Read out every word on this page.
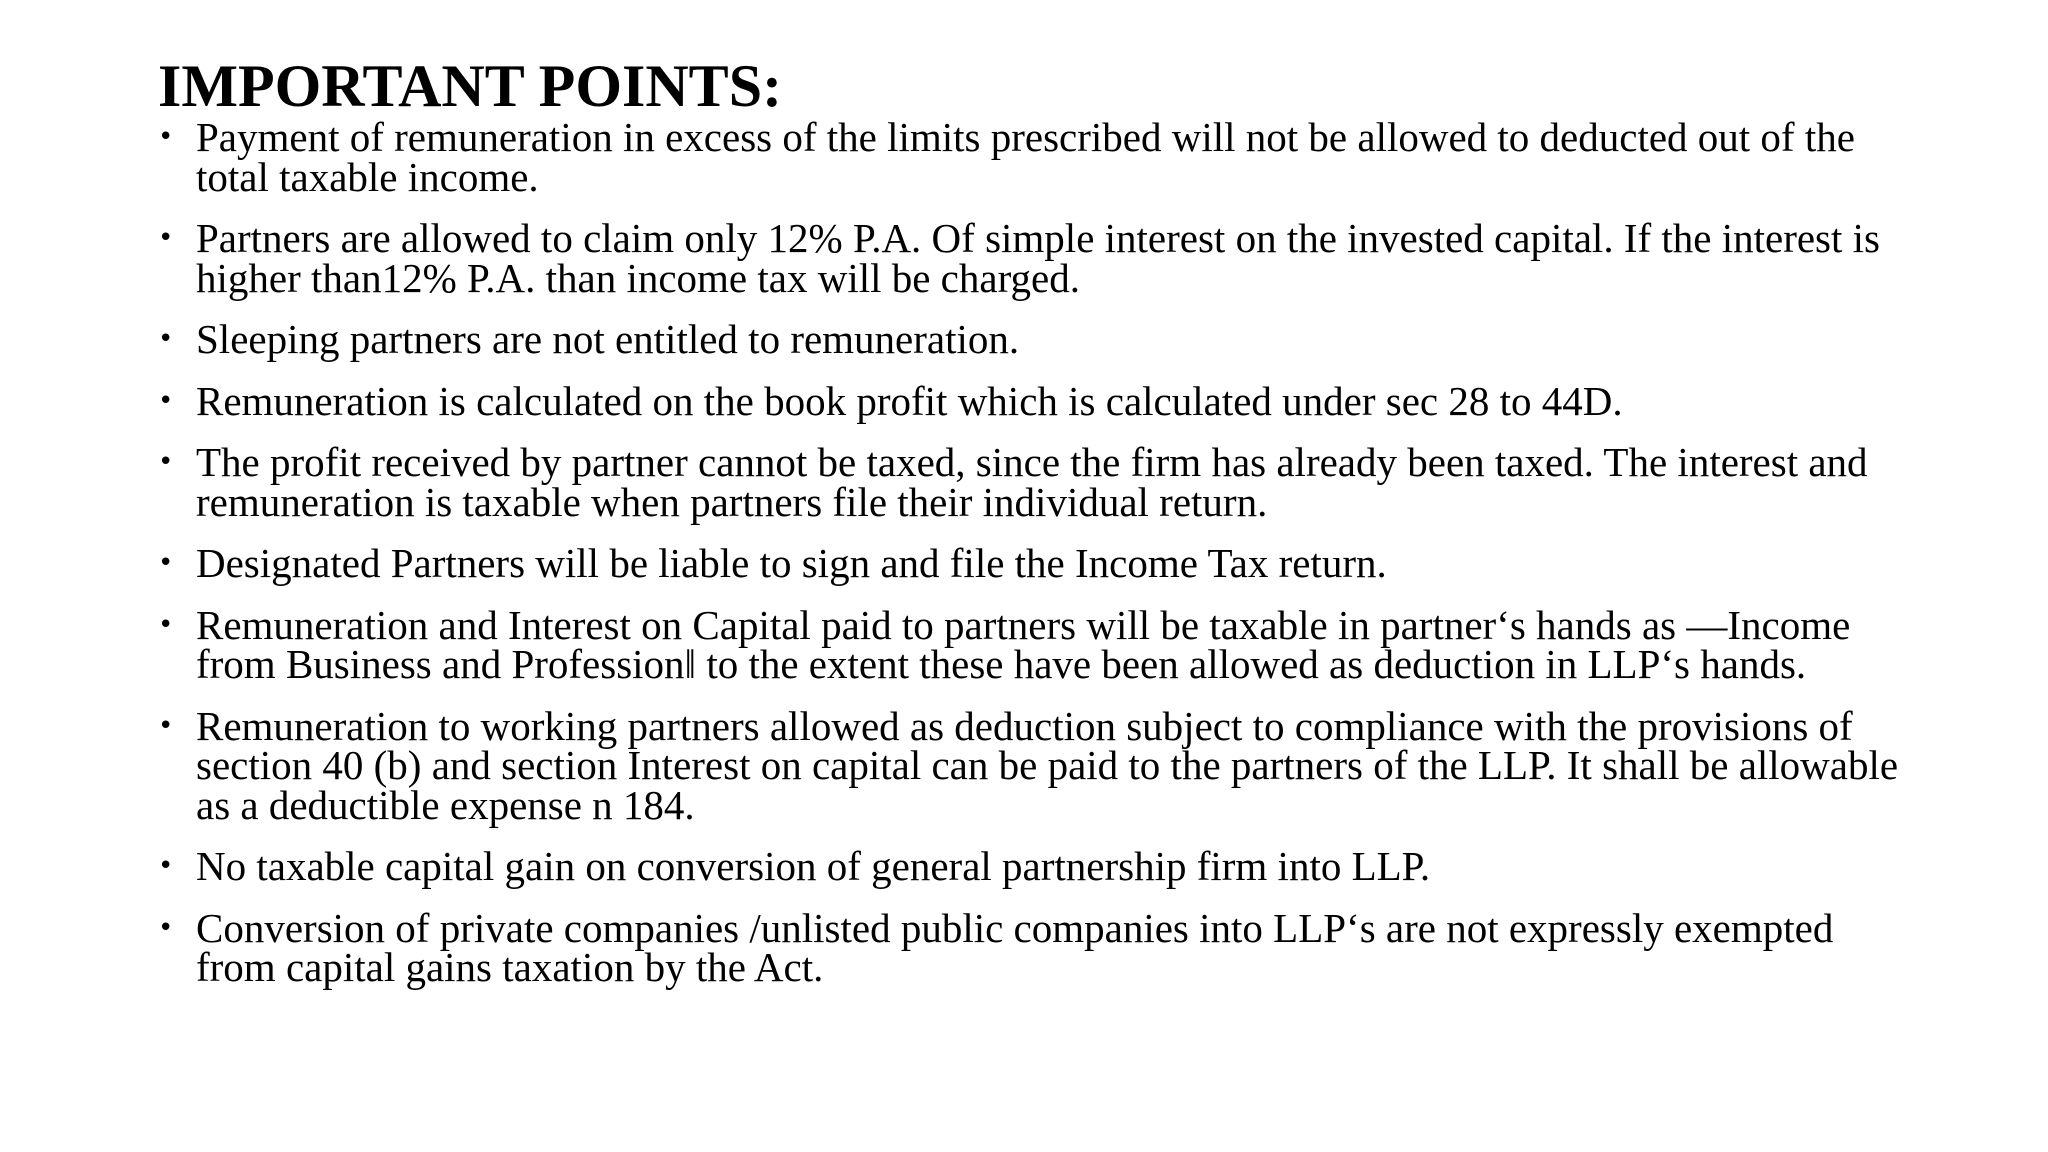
IMPORTANT POINTS:
• Payment of remuneration in excess of the limits prescribed will not be allowed to deducted out of the total taxable income.
• Partners are allowed to claim only 12% P.A. Of simple interest on the invested capital. If the interest is higher than12% P.A. than income tax will be charged.
• Sleeping partners are not entitled to remuneration.
• Remuneration is calculated on the book profit which is calculated under sec 28 to 44D.
• The profit received by partner cannot be taxed, since the firm has already been taxed. The interest and remuneration is taxable when partners file their individual return.
• Designated Partners will be liable to sign and file the Income Tax return.
• Remuneration and Interest on Capital paid to partners will be taxable in partner‘s hands as ―Income from Business and Profession‖ to the extent these have been allowed as deduction in LLP‘s hands.
• Remuneration to working partners allowed as deduction subject to compliance with the provisions of section 40 (b) and section Interest on capital can be paid to the partners of the LLP. It shall be allowable as a deductible expense n 184.
• No taxable capital gain on conversion of general partnership firm into LLP.
• Conversion of private companies /unlisted public companies into LLP‘s are not expressly exempted from capital gains taxation by the Act.
